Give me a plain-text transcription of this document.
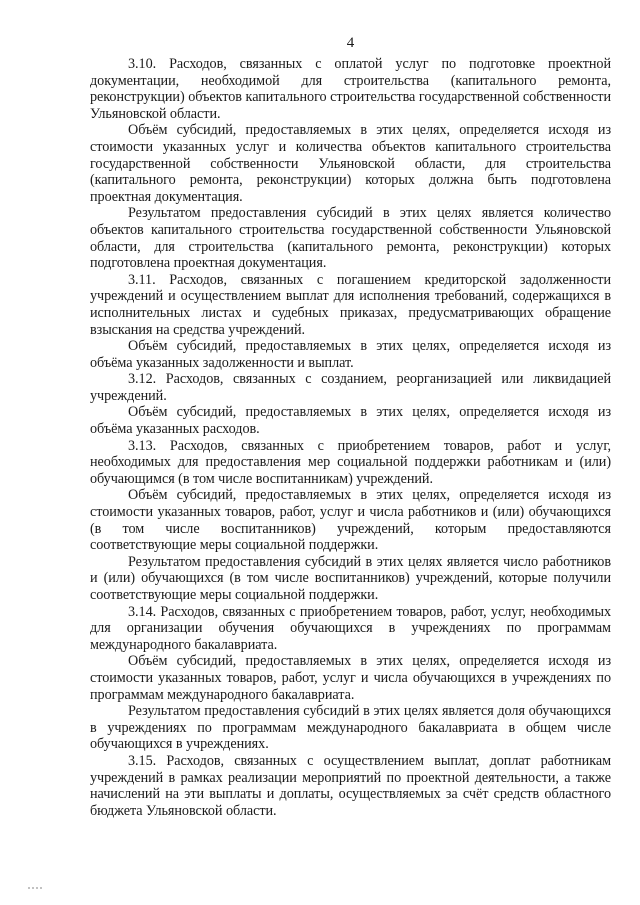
4

3.10. Расходов, связанных с оплатой услуг по подготовке проектной документации, необходимой для строительства (капитального ремонта, реконструкции) объектов капитального строительства государственной собственности Ульяновской области.

Объём субсидий, предоставляемых в этих целях, определяется исходя из стоимости указанных услуг и количества объектов капитального строительства государственной собственности Ульяновской области, для строительства (капитального ремонта, реконструкции) которых должна быть подготовлена проектная документация.

Результатом предоставления субсидий в этих целях является количество объектов капитального строительства государственной собственности Ульяновской области, для строительства (капитального ремонта, реконструкции) которых подготовлена проектная документация.

3.11. Расходов, связанных с погашением кредиторской задолженности учреждений и осуществлением выплат для исполнения требований, содержащихся в исполнительных листах и судебных приказах, предусматривающих обращение взыскания на средства учреждений.

Объём субсидий, предоставляемых в этих целях, определяется исходя из объёма указанных задолженности и выплат.

3.12. Расходов, связанных с созданием, реорганизацией или ликвидацией учреждений.

Объём субсидий, предоставляемых в этих целях, определяется исходя из объёма указанных расходов.

3.13. Расходов, связанных с приобретением товаров, работ и услуг, необходимых для предоставления мер социальной поддержки работникам и (или) обучающимся (в том числе воспитанникам) учреждений.

Объём субсидий, предоставляемых в этих целях, определяется исходя из стоимости указанных товаров, работ, услуг и числа работников и (или) обучающихся (в том числе воспитанников) учреждений, которым предоставляются соответствующие меры социальной поддержки.

Результатом предоставления субсидий в этих целях является число работников и (или) обучающихся (в том числе воспитанников) учреждений, которые получили соответствующие меры социальной поддержки.

3.14. Расходов, связанных с приобретением товаров, работ, услуг, необходимых для организации обучения обучающихся в учреждениях по программам международного бакалавриата.

Объём субсидий, предоставляемых в этих целях, определяется исходя из стоимости указанных товаров, работ, услуг и числа обучающихся в учреждениях по программам международного бакалавриата.

Результатом предоставления субсидий в этих целях является доля обучающихся в учреждениях по программам международного бакалавриата в общем числе обучающихся в учреждениях.

3.15. Расходов, связанных с осуществлением выплат, доплат работникам учреждений в рамках реализации мероприятий по проектной деятельности, а также начислений на эти выплаты и доплаты, осуществляемых за счёт средств областного бюджета Ульяновской области.
